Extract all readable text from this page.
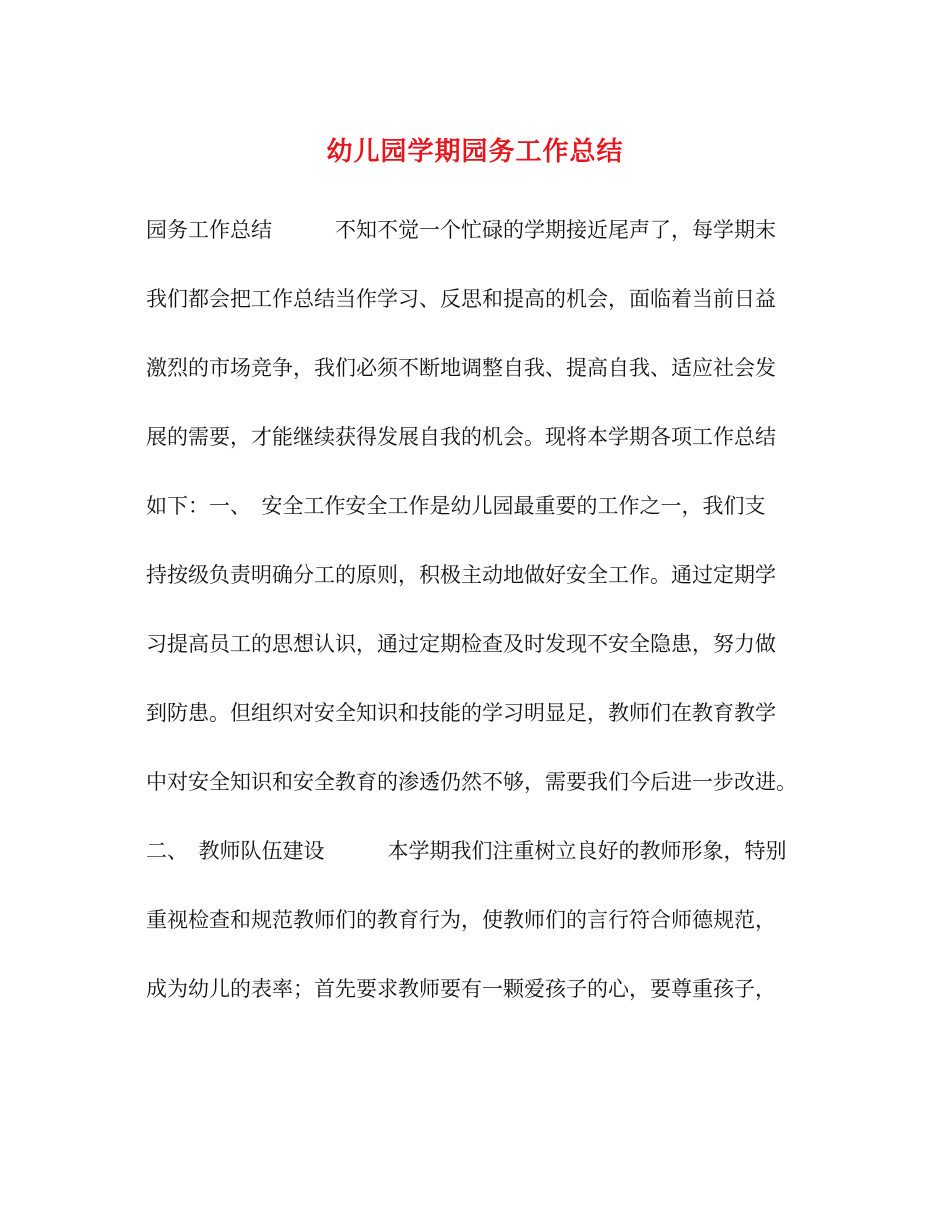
幼儿园学期园务工作总结
园务工作总结　　　不知不觉一个忙碌的学期接近尾声了，每学期末
我们都会把工作总结当作学习、反思和提高的机会，面临着当前日益
激烈的市场竞争，我们必须不断地调整自我、提高自我、适应社会发
展的需要，才能继续获得发展自我的机会。现将本学期各项工作总结
如下：一、　安全工作安全工作是幼儿园最重要的工作之一，我们支
持按级负责明确分工的原则，积极主动地做好安全工作。通过定期学
习提高员工的思想认识，通过定期检查及时发现不安全隐患，努力做
到防患。但组织对安全知识和技能的学习明显足，教师们在教育教学
中对安全知识和安全教育的渗透仍然不够，需要我们今后进一步改进。
二、　教师队伍建设　　　本学期我们注重树立良好的教师形象，特别
重视检查和规范教师们的教育行为，使教师们的言行符合师德规范，
成为幼儿的表率；首先要求教师要有一颗爱孩子的心，要尊重孩子，
